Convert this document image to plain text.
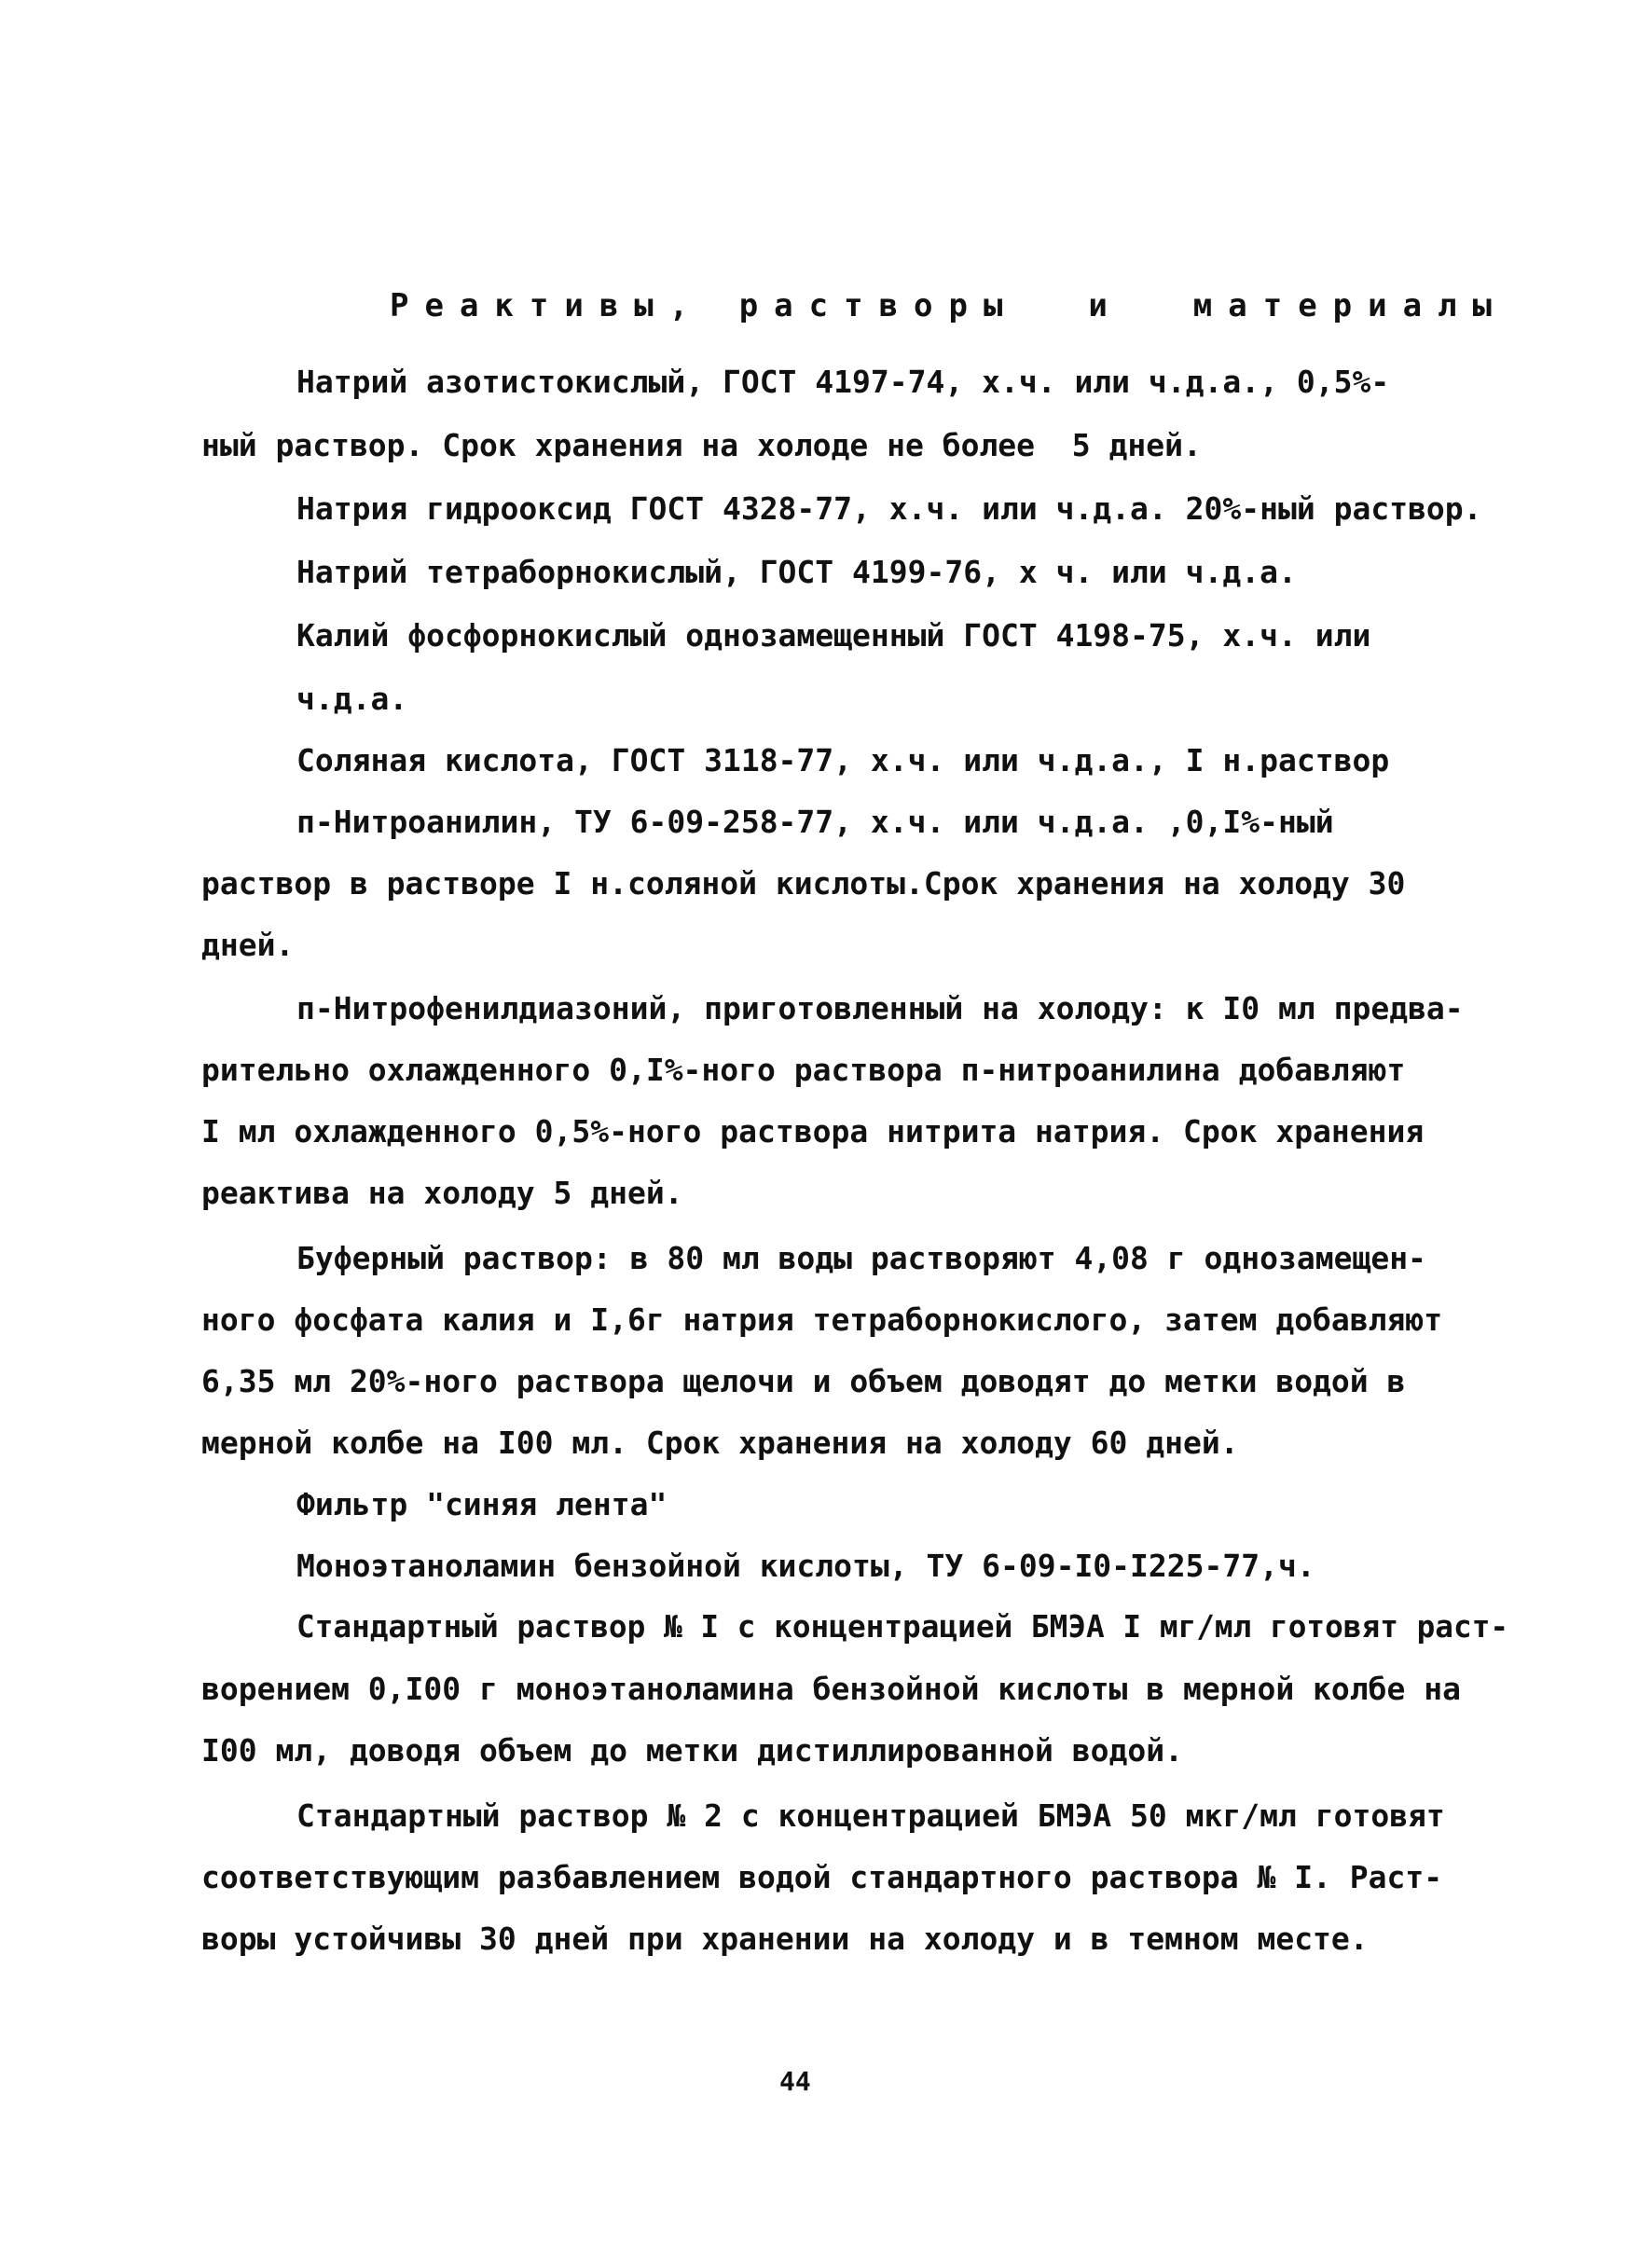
Реактивы, растворы  и  материалы
Натрий азотистокислый, ГОСТ 4197-74, х.ч. или ч.д.а., 0,5%-
ный раствор. Срок хранения на холоде не более  5 дней.
Натрия гидрооксид ГОСТ 4328-77, х.ч. или ч.д.а. 20%-ный раствор.
Натрий тетраборнокислый, ГОСТ 4199-76, х ч. или ч.д.а.
Калий фосфорнокислый однозамещенный ГОСТ 4198-75, х.ч. или
ч.д.а.
Соляная кислота, ГОСТ 3118-77, х.ч. или ч.д.а., I н.раствор
п-Нитроанилин, ТУ 6-09-258-77, х.ч. или ч.д.а. ,0,I%-ный
раствор в растворе I н.соляной кислоты.Срок хранения на холоду 30
дней.
п-Нитрофенилдиазоний, приготовленный на холоду: к I0 мл предва-
рительно охлажденного 0,I%-ного раствора п-нитроанилина добавляют
I мл охлажденного 0,5%-ного раствора нитрита натрия. Срок хранения
реактива на холоду 5 дней.
Буферный раствор: в 80 мл воды растворяют 4,08 г однозамещен-
ного фосфата калия и I,6г натрия тетраборнокислого, затем добавляют
6,35 мл 20%-ного раствора щелочи и объем доводят до метки водой в
мерной колбе на I00 мл. Срок хранения на холоду 60 дней.
Фильтр "синяя лента"
Моноэтаноламин бензойной кислоты, ТУ 6-09-I0-I225-77,ч.
Стандартный раствор № I с концентрацией БМЭА I мг/мл готовят раст-
ворением 0,I00 г моноэтаноламина бензойной кислоты в мерной колбе на
I00 мл, доводя объем до метки дистиллированной водой.
Стандартный раствор № 2 с концентрацией БМЭА 50 мкг/мл готовят
соответствующим разбавлением водой стандартного раствора № I. Раст-
воры устойчивы 30 дней при хранении на холоду и в темном месте.
44
